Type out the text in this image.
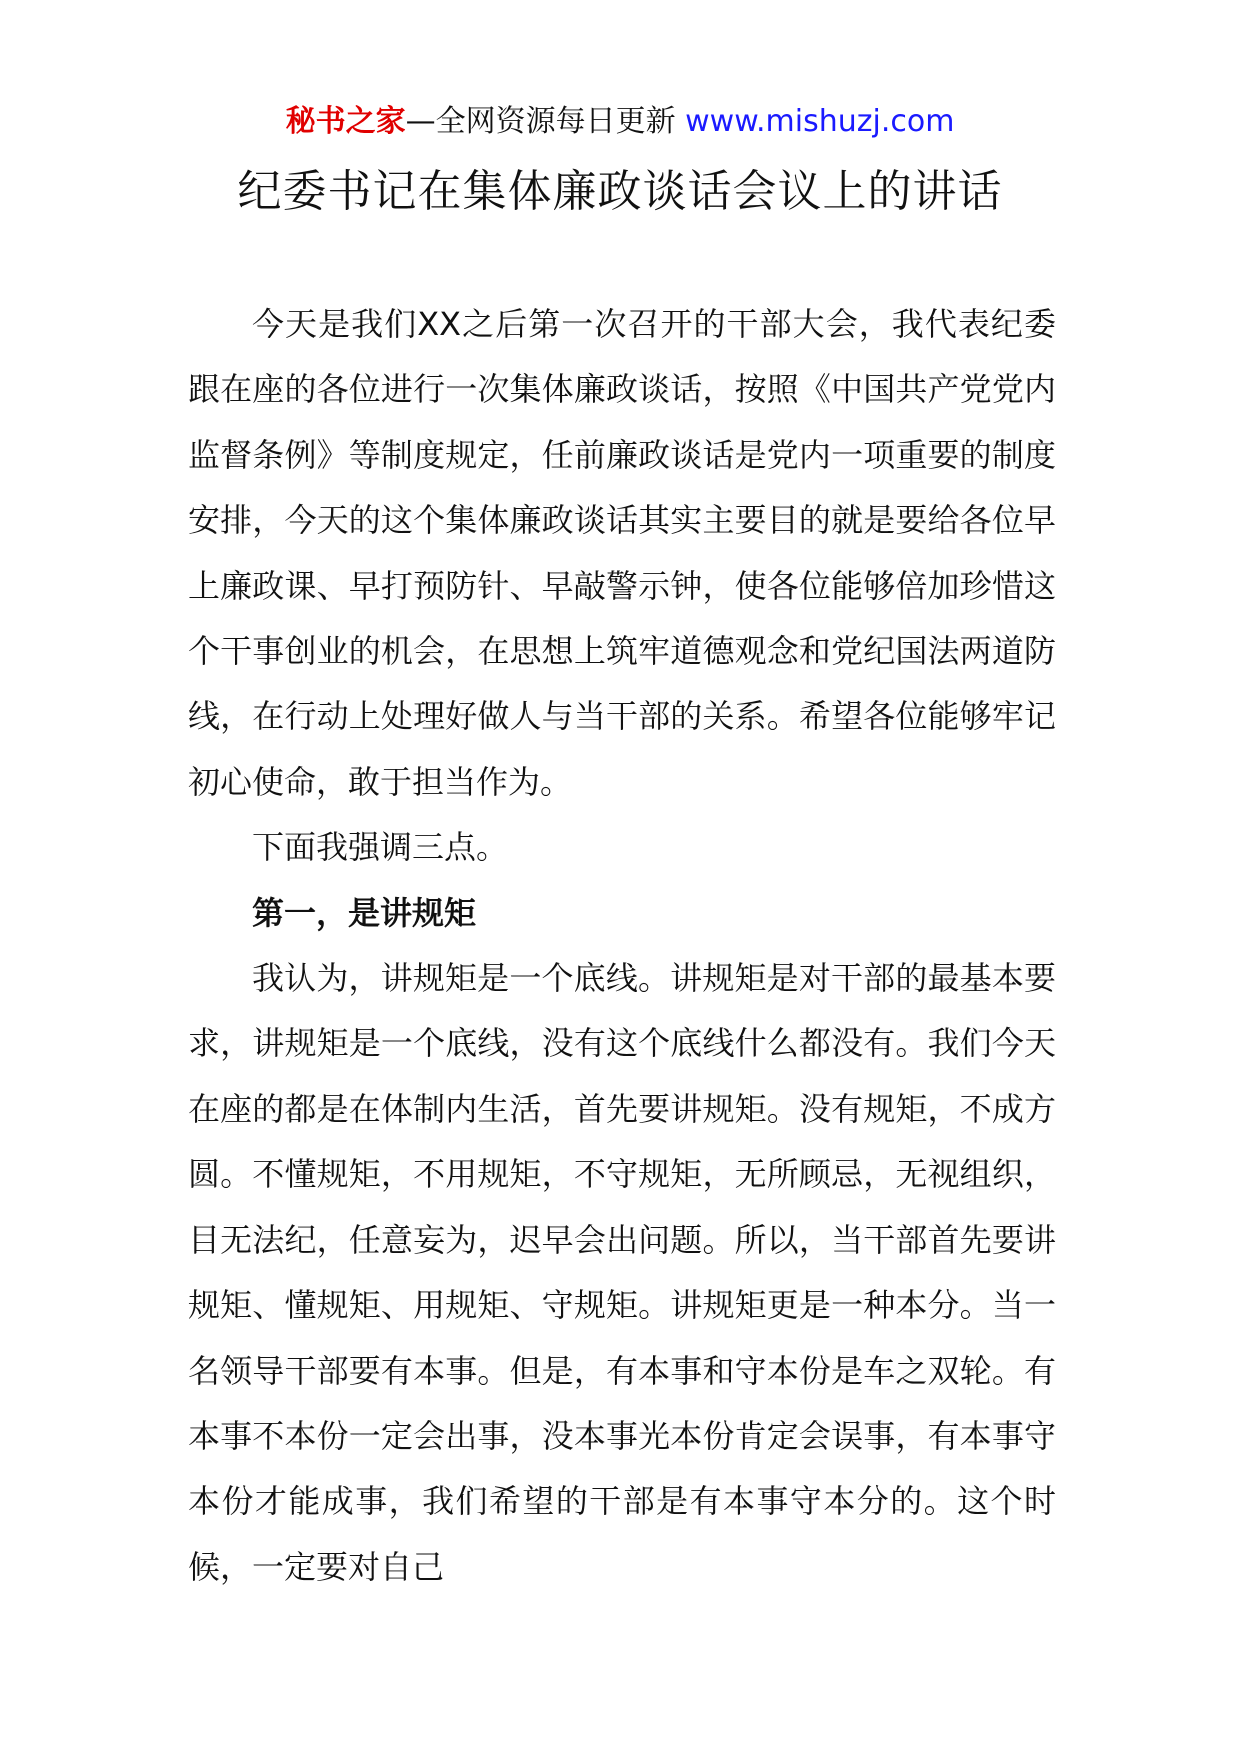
秘书之家—全网资源每日更新 www.mishuzj.com
纪委书记在集体廉政谈话会议上的讲话

今天是我们XX之后第一次召开的干部大会，我代表纪委跟在座的各位进行一次集体廉政谈话，按照《中国共产党党内监督条例》等制度规定，任前廉政谈话是党内一项重要的制度安排，今天的这个集体廉政谈话其实主要目的就是要给各位早上廉政课、早打预防针、早敲警示钟，使各位能够倍加珍惜这个干事创业的机会，在思想上筑牢道德观念和党纪国法两道防线，在行动上处理好做人与当干部的关系。希望各位能够牢记初心使命，敢于担当作为。

下面我强调三点。

第一，是讲规矩

我认为，讲规矩是一个底线。讲规矩是对干部的最基本要求，讲规矩是一个底线，没有这个底线什么都没有。我们今天在座的都是在体制内生活，首先要讲规矩。没有规矩，不成方圆。不懂规矩，不用规矩，不守规矩，无所顾忌，无视组织，目无法纪，任意妄为，迟早会出问题。所以，当干部首先要讲规矩、懂规矩、用规矩、守规矩。讲规矩更是一种本分。当一名领导干部要有本事。但是，有本事和守本份是车之双轮。有本事不本份一定会出事，没本事光本份肯定会误事，有本事守本份才能成事，我们希望的干部是有本事守本分的。这个时候，一定要对自己
